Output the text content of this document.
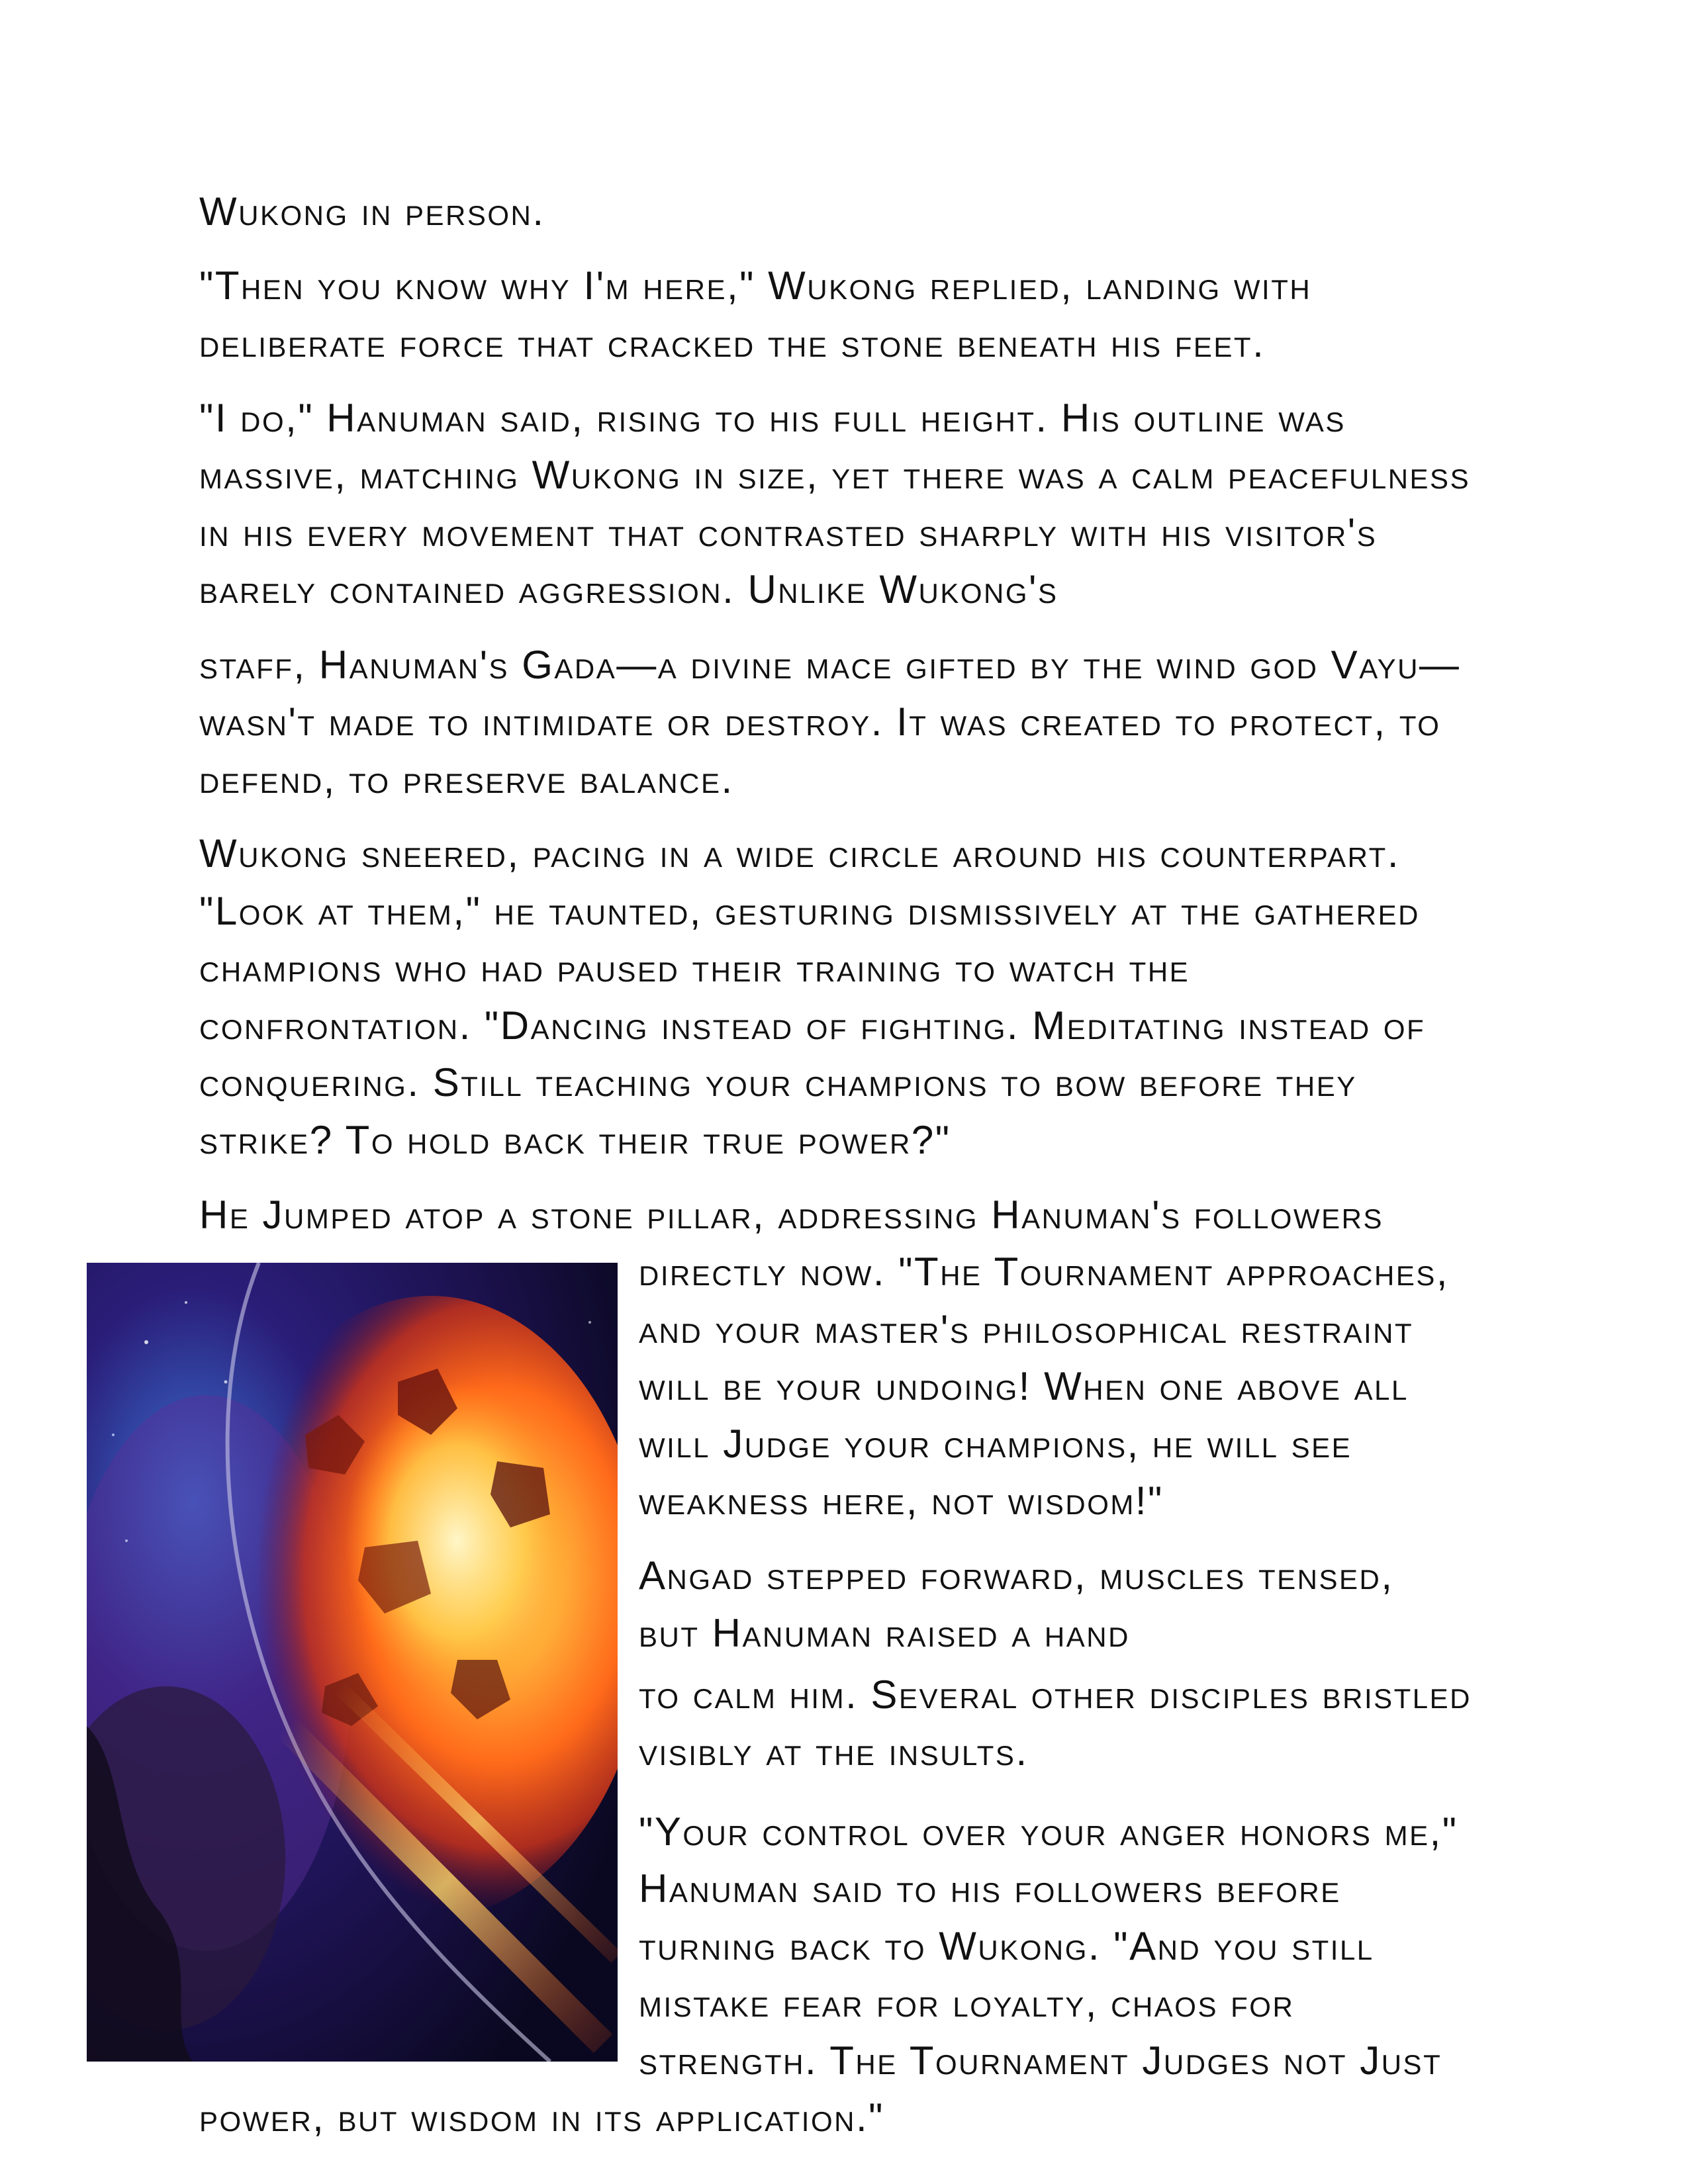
Wukong in person.

"Then you know why I'm here," Wukong replied, landing with

deliberate force that cracked the stone beneath his feet.

"I do," Hanuman said, rising to his full height. His outline was

massive, matching Wukong in size, yet there was a calm peacefulness

in his every movement that contrasted sharply with his visitor's

barely contained aggression. Unlike Wukong's

staff, Hanuman's Gada—a divine mace gifted by the wind god Vayu—

wasn't made to intimidate or destroy. It was created to protect, to

defend, to preserve balance.

Wukong sneered, pacing in a wide circle around his counterpart.

"Look at them," he taunted, gesturing dismissively at the gathered

champions who had paused their training to watch the

confrontation. "Dancing instead of fighting. Meditating instead of

conquering. Still teaching your champions to bow before they

strike? To hold back their true power?"

He Jumped atop a stone pillar, addressing Hanuman's followers

directly now. "The Tournament approaches,

and your master's philosophical restraint

will be your undoing! When one above all

will Judge your champions, he will see

weakness here, not wisdom!"

Angad stepped forward, muscles tensed,

but Hanuman raised a hand

to calm him. Several other disciples bristled

visibly at the insults.

"Your control over your anger honors me,"

Hanuman said to his followers before

turning back to Wukong. "And you still

mistake fear for loyalty, chaos for

strength. The Tournament Judges not Just

power, but wisdom in its application."
